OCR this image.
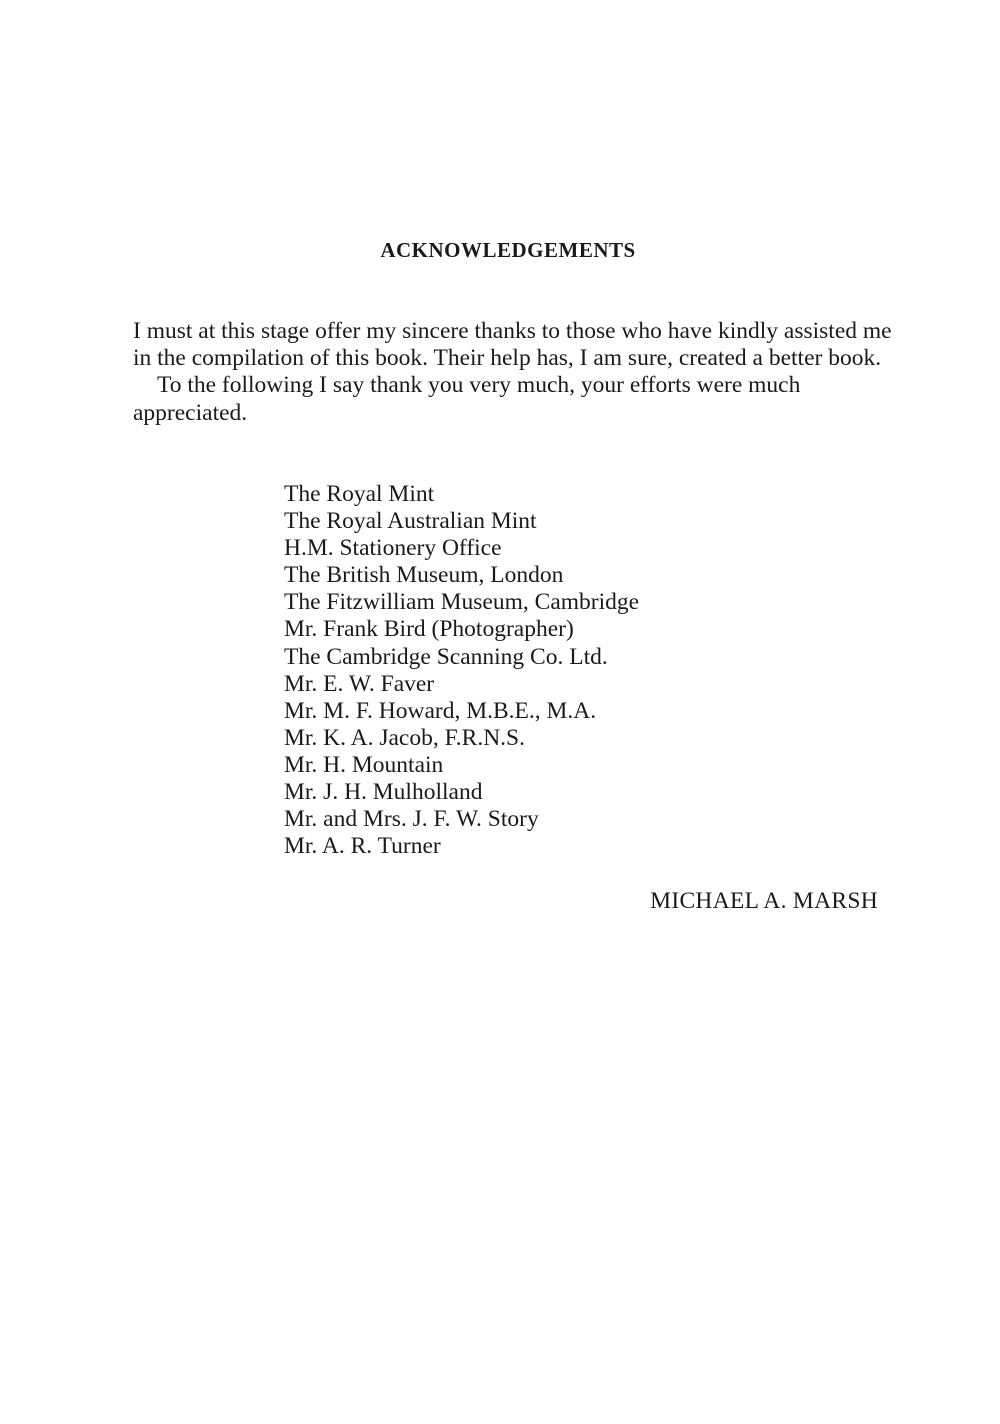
ACKNOWLEDGEMENTS

I must at this stage offer my sincere thanks to those who have kindly assisted me in the compilation of this book. Their help has, I am sure, created a better book.

To the following I say thank you very much, your efforts were much appreciated.

The Royal Mint
The Royal Australian Mint
H.M. Stationery Office
The British Museum, London
The Fitzwilliam Museum, Cambridge
Mr. Frank Bird (Photographer)
The Cambridge Scanning Co. Ltd.
Mr. E. W. Faver
Mr. M. F. Howard, M.B.E., M.A.
Mr. K. A. Jacob, F.R.N.S.
Mr. H. Mountain
Mr. J. H. Mulholland
Mr. and Mrs. J. F. W. Story
Mr. A. R. Turner
MICHAEL A. MARSH
